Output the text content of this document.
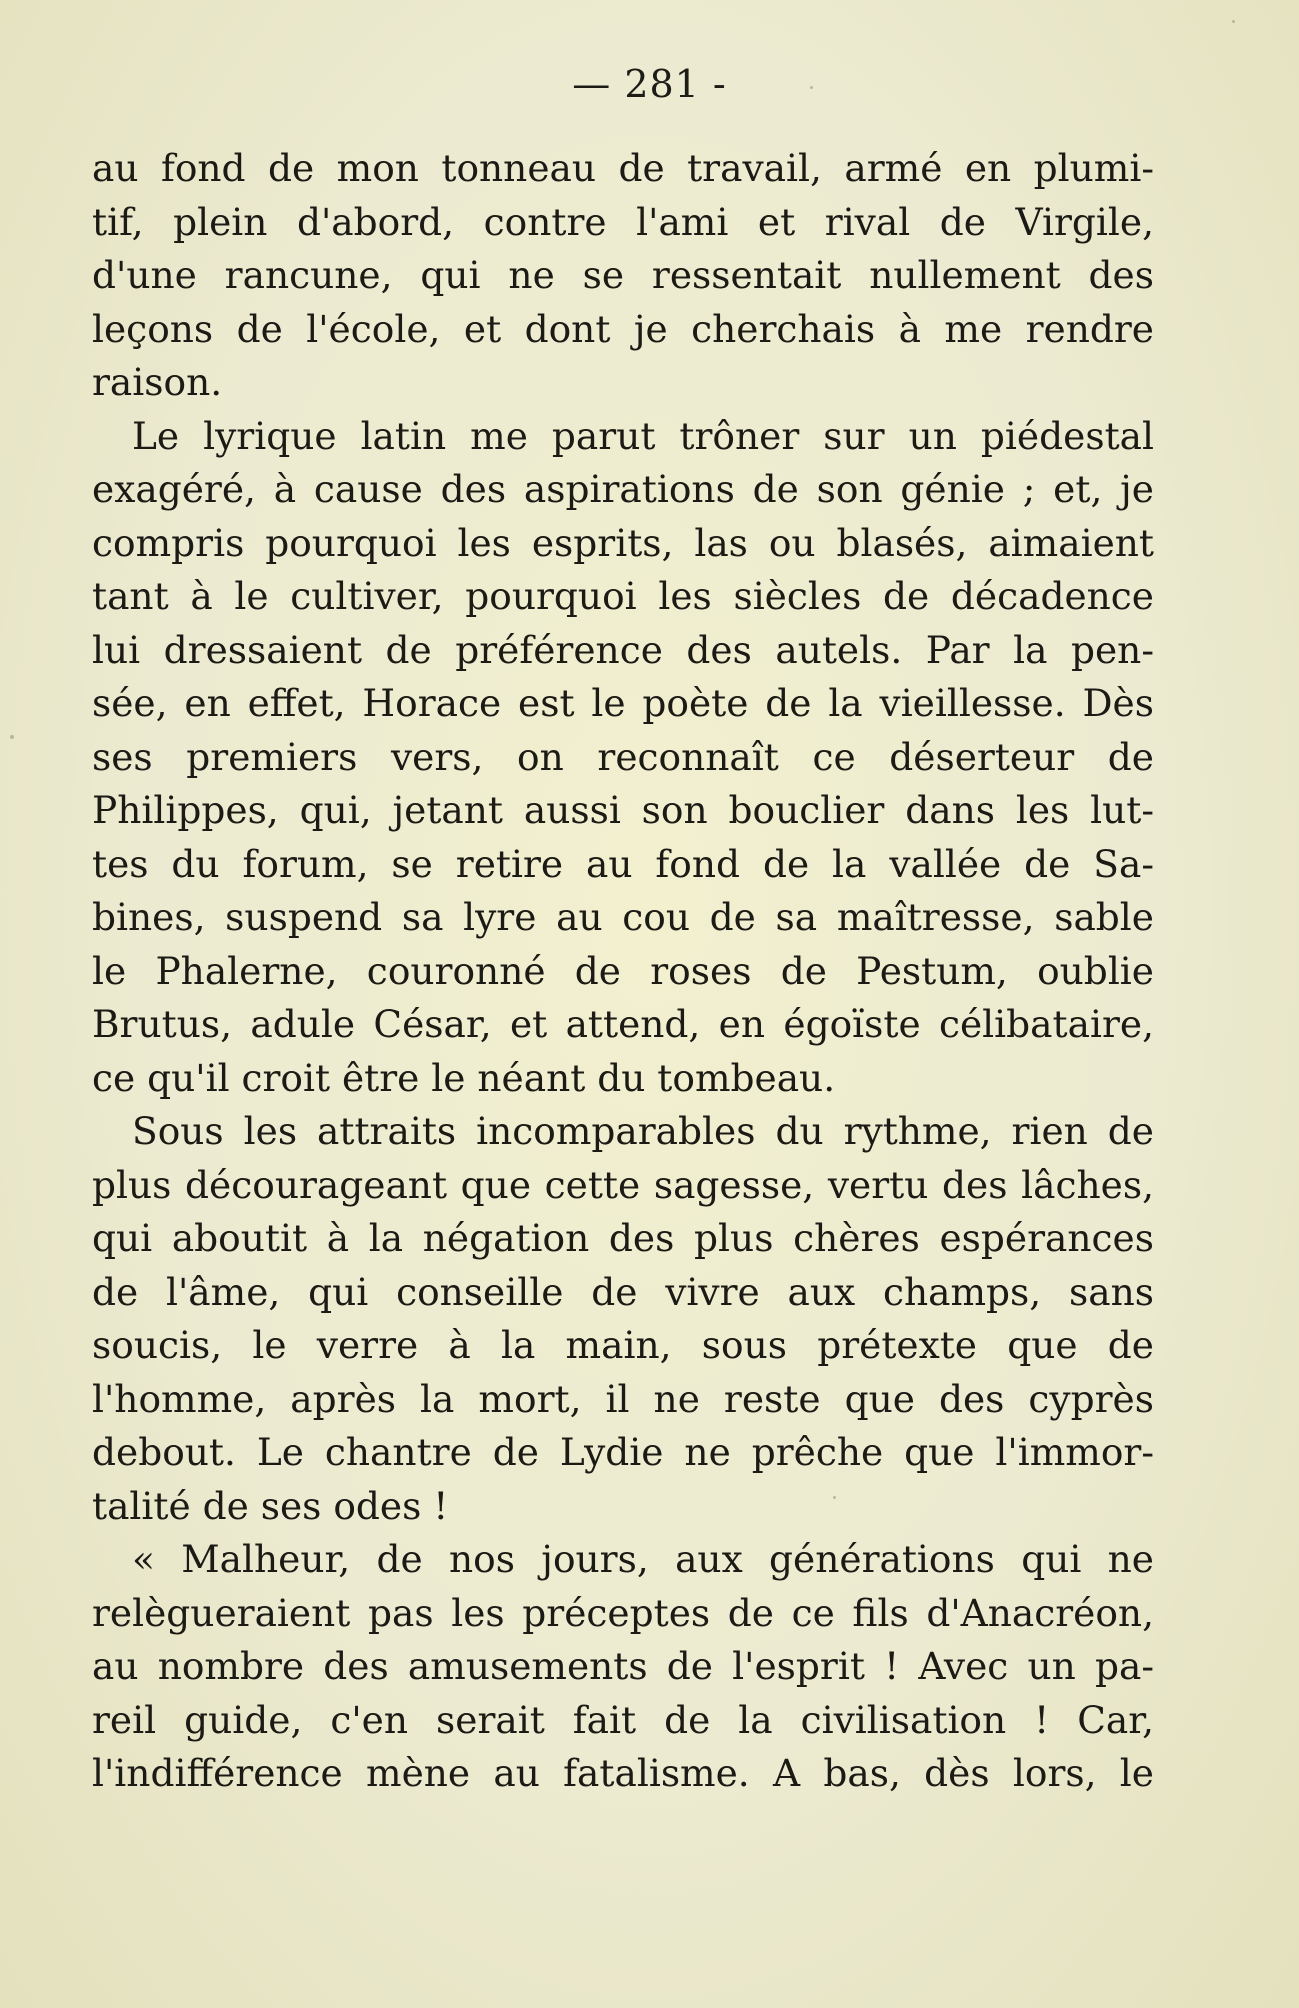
— 281 -

au fond de mon tonneau de travail, armé en plumi-
tif, plein d'abord, contre l'ami et rival de Virgile,
d'une rancune, qui ne se ressentait nullement des
leçons de l'école, et dont je cherchais à me rendre
raison.

Le lyrique latin me parut trôner sur un piédestal
exagéré, à cause des aspirations de son génie ; et, je
compris pourquoi les esprits, las ou blasés, aimaient
tant à le cultiver, pourquoi les siècles de décadence
lui dressaient de préférence des autels. Par la pen-
sée, en effet, Horace est le poète de la vieillesse. Dès
ses premiers vers, on reconnaît ce déserteur de
Philippes, qui, jetant aussi son bouclier dans les lut-
tes du forum, se retire au fond de la vallée de Sa-
bines, suspend sa lyre au cou de sa maîtresse, sable
le Phalerne, couronné de roses de Pestum, oublie
Brutus, adule César, et attend, en égoïste célibataire,
ce qu'il croit être le néant du tombeau.

Sous les attraits incomparables du rythme, rien de
plus décourageant que cette sagesse, vertu des lâches,
qui aboutit à la négation des plus chères espérances
de l'âme, qui conseille de vivre aux champs, sans
soucis, le verre à la main, sous prétexte que de
l'homme, après la mort, il ne reste que des cyprès
debout. Le chantre de Lydie ne prêche que l'immor-
talité de ses odes !

« Malheur, de nos jours, aux générations qui ne
relègueraient pas les préceptes de ce fils d'Anacréon,
au nombre des amusements de l'esprit ! Avec un pa-
reil guide, c'en serait fait de la civilisation ! Car,
l'indifférence mène au fatalisme. A bas, dès lors, le
